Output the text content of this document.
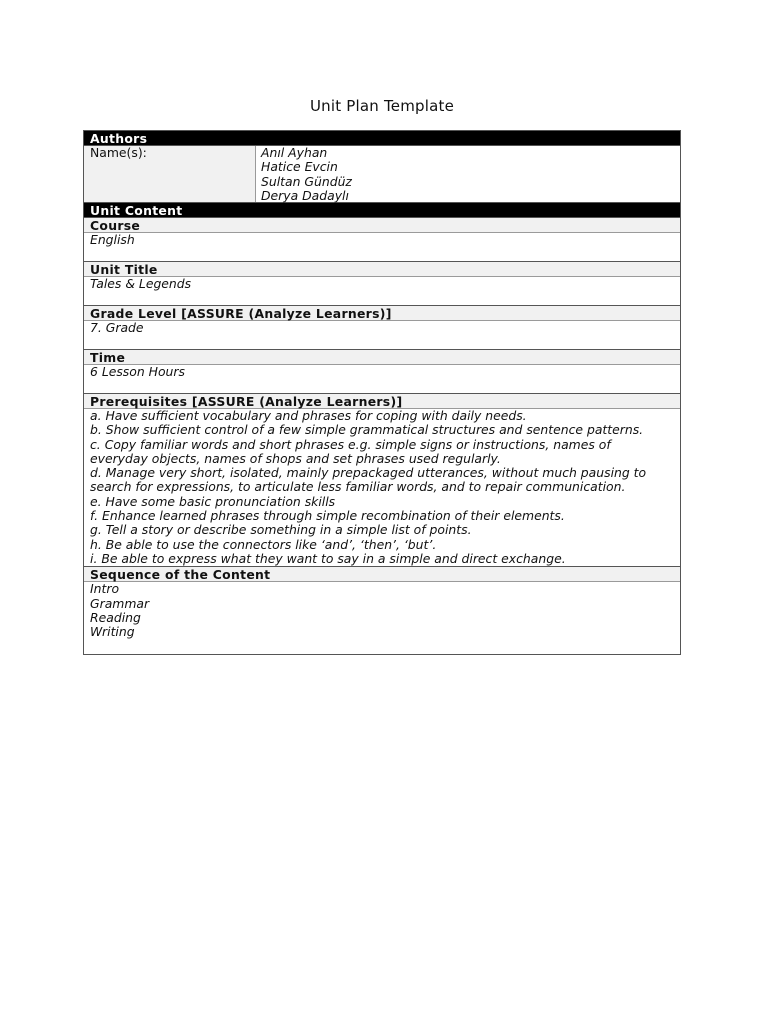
Unit Plan Template
Authors
Name(s):	Anıl Ayhan
Hatice Evcin
Sultan Gündüz
Derya Dadaylı
Unit Content
Course
English
Unit Title
Tales & Legends
Grade Level [ASSURE (Analyze Learners)]
7. Grade
Time
6 Lesson Hours
Prerequisites [ASSURE (Analyze Learners)]
a. Have sufficient vocabulary and phrases for coping with daily needs.
b. Show sufficient control of a few simple grammatical structures and sentence patterns.
c. Copy familiar words and short phrases e.g. simple signs or instructions, names of
everyday objects, names of shops and set phrases used regularly.
d. Manage very short, isolated, mainly prepackaged utterances, without much pausing to
search for expressions, to articulate less familiar words, and to repair communication.
e. Have some basic pronunciation skills
f. Enhance learned phrases through simple recombination of their elements.
g. Tell a story or describe something in a simple list of points.
h. Be able to use the connectors like ‘and’, ‘then’, ‘but’.
i. Be able to express what they want to say in a simple and direct exchange.
Sequence of the Content
Intro
Grammar
Reading
Writing
